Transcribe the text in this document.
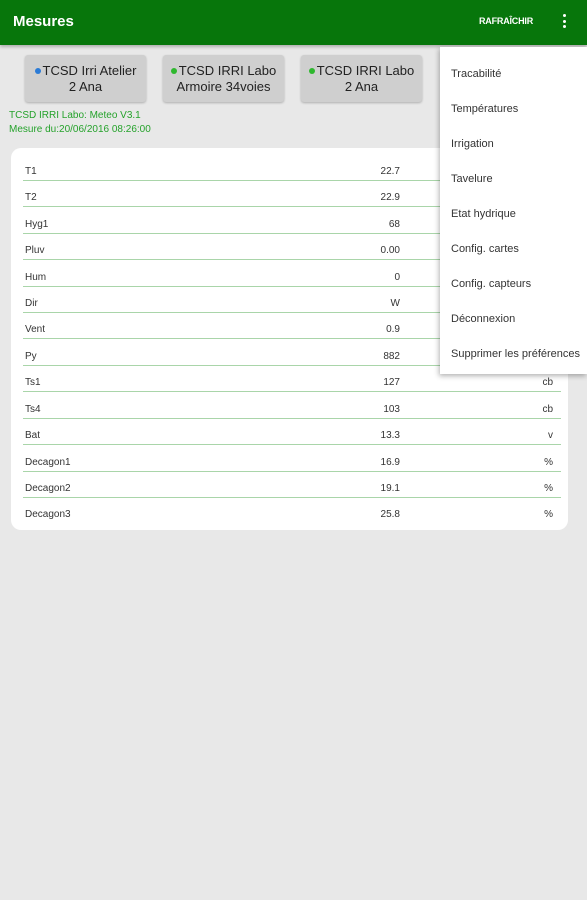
Mesures	RAFRAÎCHIR
TCSD Irri Atelier
2 Ana
TCSD IRRI Labo
Armoire 34voies
TCSD IRRI Labo
2 Ana
TCSD IRRI Labo: Meteo V3.1
Mesure du:20/06/2016 08:26:00
T1	22.7
T2	22.9
Hyg1	68
Pluv	0.00
Hum	0
Dir	W
Vent	0.9
Py	882
Ts1	127	cb
Ts4	103	cb
Bat	13.3	v
Decagon1	16.9	%
Decagon2	19.1	%
Decagon3	25.8	%
Tracabilité
Températures
Irrigation
Tavelure
Etat hydrique
Config. cartes
Config. capteurs
Déconnexion
Supprimer les préférences
